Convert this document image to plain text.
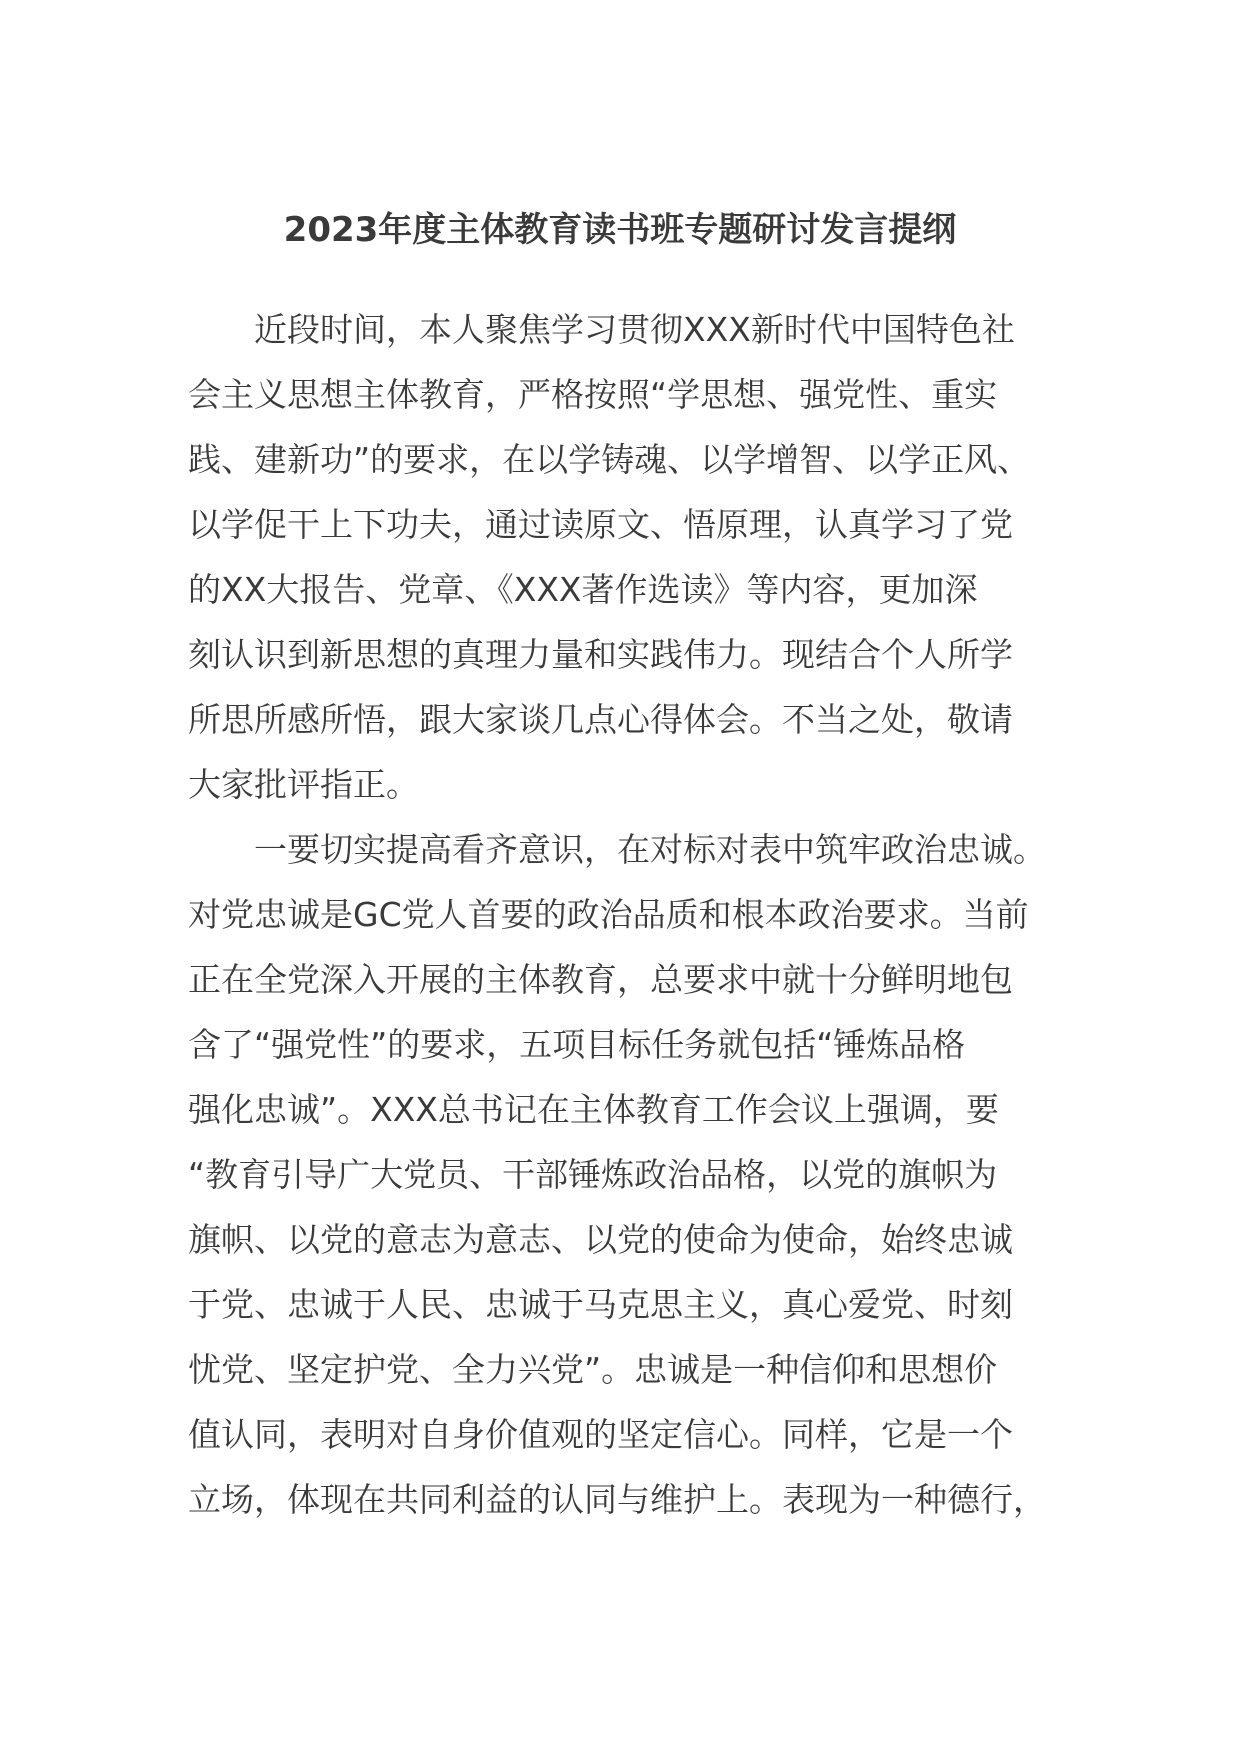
2023年度主体教育读书班专题研讨发言提纲
近段时间，本人聚焦学习贯彻XXX新时代中国特色社
会主义思想主体教育，严格按照“学思想、强党性、重实
践、建新功”的要求，在以学铸魂、以学增智、以学正风、
以学促干上下功夫，通过读原文、悟原理，认真学习了党
的XX大报告、党章、《XXX著作选读》等内容，更加深
刻认识到新思想的真理力量和实践伟力。现结合个人所学
所思所感所悟，跟大家谈几点心得体会。不当之处，敬请
大家批评指正。
一要切实提高看齐意识，在对标对表中筑牢政治忠诚。
对党忠诚是GC党人首要的政治品质和根本政治要求。当前
正在全党深入开展的主体教育，总要求中就十分鲜明地包
含了“强党性”的要求，五项目标任务就包括“锤炼品格
强化忠诚”。XXX总书记在主体教育工作会议上强调，要
“教育引导广大党员、干部锤炼政治品格，以党的旗帜为
旗帜、以党的意志为意志、以党的使命为使命，始终忠诚
于党、忠诚于人民、忠诚于马克思主义，真心爱党、时刻
忧党、坚定护党、全力兴党”。忠诚是一种信仰和思想价
值认同，表明对自身价值观的坚定信心。同样，它是一个
立场，体现在共同利益的认同与维护上。表现为一种德行，
